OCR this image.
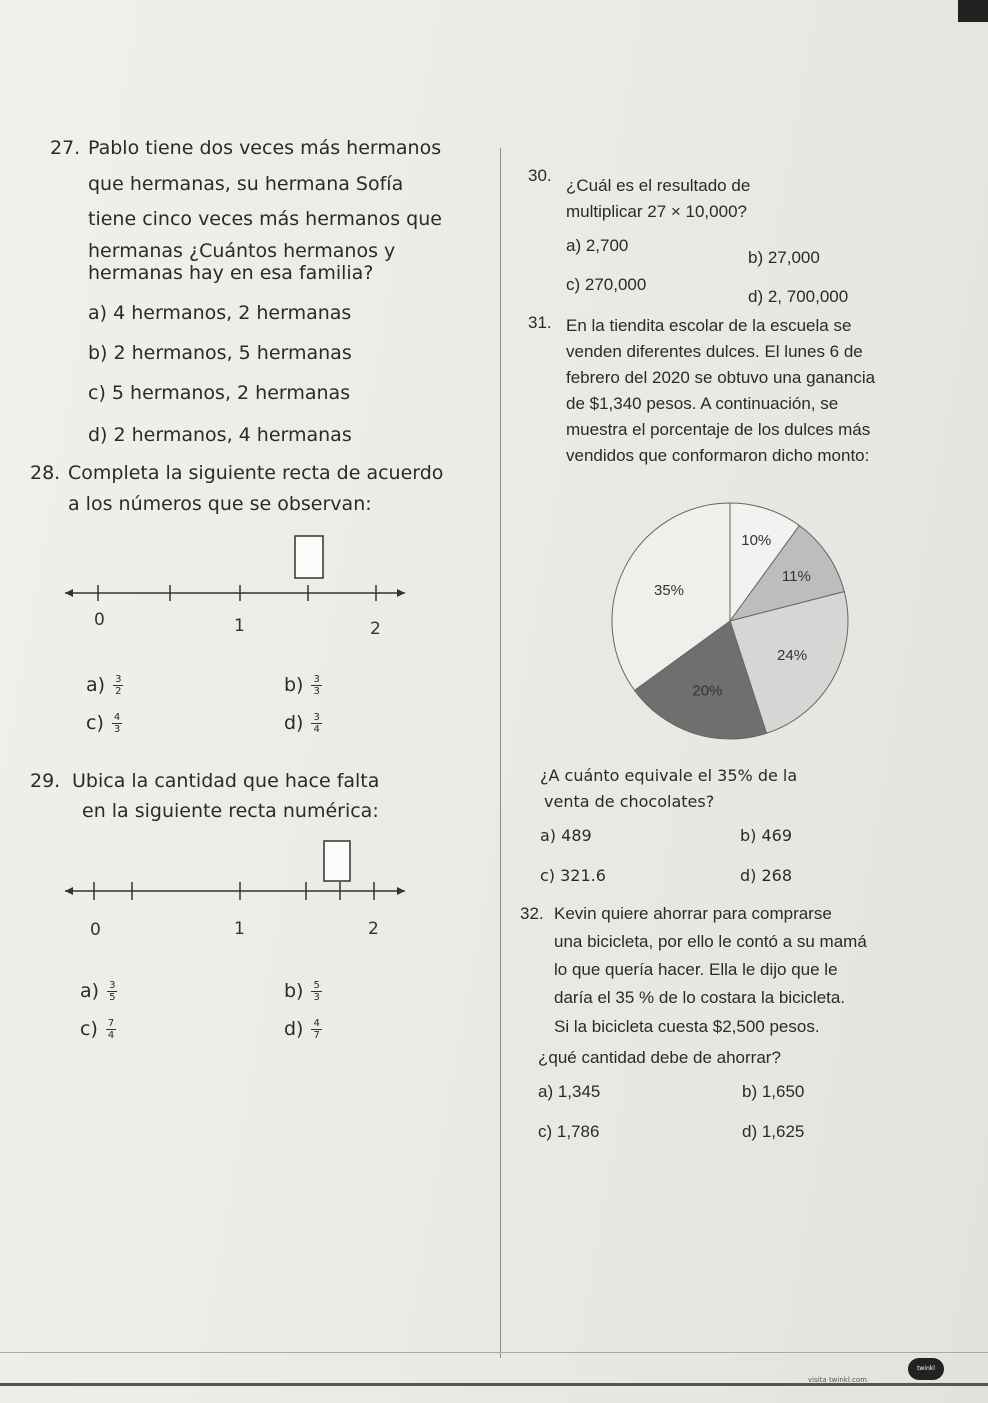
27. Pablo tiene dos veces más hermanos
que hermanas, su hermana Sofía
tiene cinco veces más hermanos que
hermanas ¿Cuántos hermanos y
hermanas hay en esa familia?
a) 4 hermanos, 2 hermanas
b) 2 hermanos, 5 hermanas
c) 5 hermanos, 2 hermanas
d) 2 hermanos, 4 hermanas
28. Completa la siguiente recta de acuerdo
a los números que se observan:
0	1	2
$a) \frac{3}{2}$	$b) \frac{3}{3}$
$c) \frac{4}{3}$	$d) \frac{3}{4}$
29. Ubica la cantidad que hace falta
en la siguiente recta numérica:
0	1	2
$a) \frac{3}{5}$	$b) \frac{5}{3}$
$c) \frac{7}{4}$	$d) \frac{4}{7}$
30.
¿Cuál es el resultado de
multiplicar 27 × 10,000?
a) 2,700
b) 27,000
c) 270,000
d) 2, 700,000
31. En la tiendita escolar de la escuela se
venden diferentes dulces. El lunes 6 de
febrero del 2020 se obtuvo una ganancia
de $1,340 pesos. A continuación, se
muestra el porcentaje de los dulces más
vendidos que conformaron dicho monto:
10%
11%
24%
20%
35%
¿A cuánto equivale el 35% de la
venta de chocolates?
a) 489	b) 469
c) 321.6	d) 268
32. Kevin quiere ahorrar para comprarse
una bicicleta, por ello le contó a su mamá
lo que quería hacer. Ella le dijo que le
daría el 35 % de lo costara la bicicleta.
Si la bicicleta cuesta $2,500 pesos.
¿qué cantidad debe de ahorrar?
a) 1,345	b) 1,650
c) 1,786	d) 1,625
visita twinkl.com
twinkl
